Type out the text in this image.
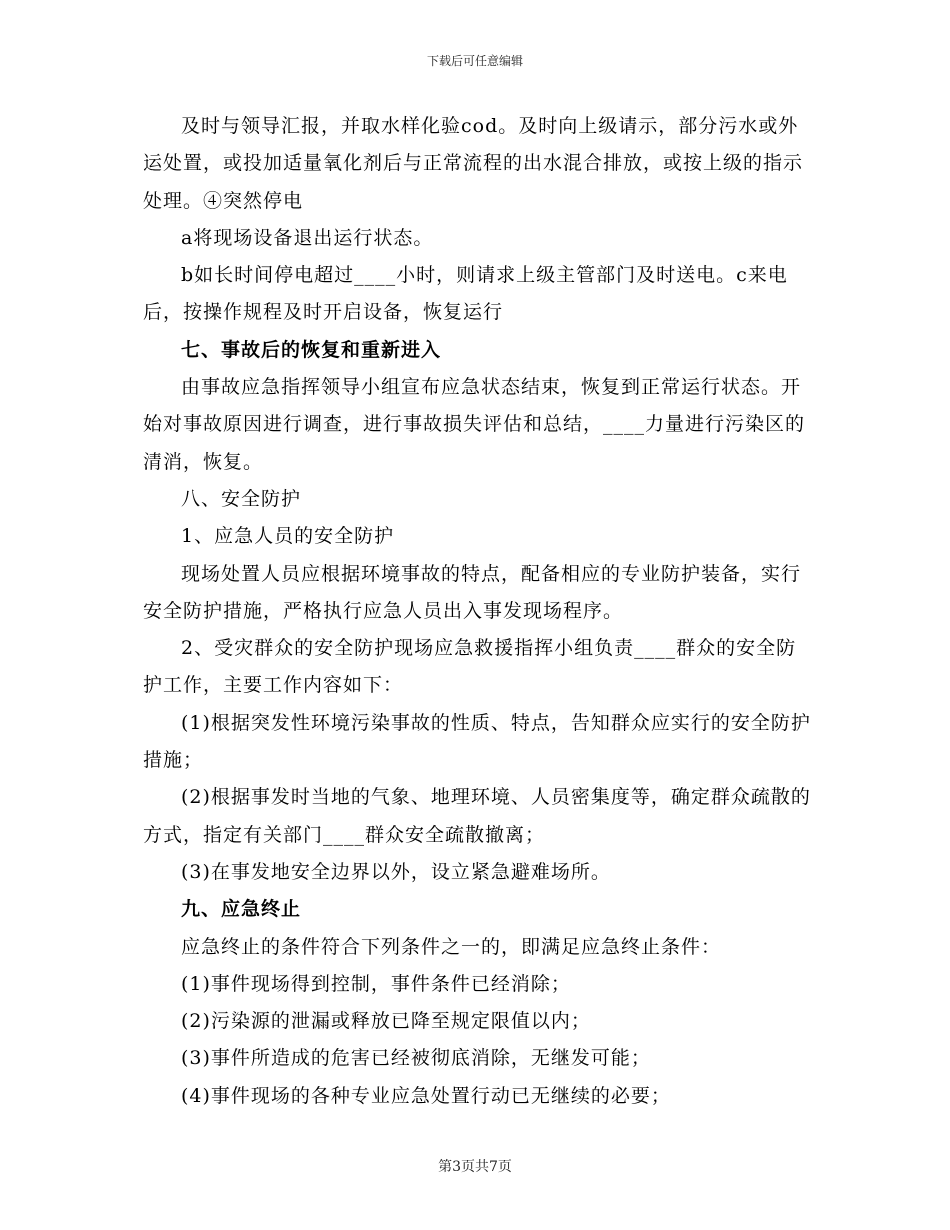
下载后可任意编辑

及时与领导汇报，并取水样化验cod。及时向上级请示，部分污水或外运处置，或投加适量氧化剂后与正常流程的出水混合排放，或按上级的指示处理。④突然停电

a将现场设备退出运行状态。

b如长时间停电超过____小时，则请求上级主管部门及时送电。c来电后，按操作规程及时开启设备，恢复运行

七、事故后的恢复和重新进入

由事故应急指挥领导小组宣布应急状态结束，恢复到正常运行状态。开始对事故原因进行调查，进行事故损失评估和总结，____力量进行污染区的清消，恢复。

八、安全防护

1、应急人员的安全防护

现场处置人员应根据环境事故的特点，配备相应的专业防护装备，实行安全防护措施，严格执行应急人员出入事发现场程序。

2、受灾群众的安全防护现场应急救援指挥小组负责____群众的安全防护工作，主要工作内容如下：

(1)根据突发性环境污染事故的性质、特点，告知群众应实行的安全防护措施；

(2)根据事发时当地的气象、地理环境、人员密集度等，确定群众疏散的方式，指定有关部门____群众安全疏散撤离；

(3)在事发地安全边界以外，设立紧急避难场所。

九、应急终止

应急终止的条件符合下列条件之一的，即满足应急终止条件：

(1)事件现场得到控制，事件条件已经消除；

(2)污染源的泄漏或释放已降至规定限值以内；

(3)事件所造成的危害已经被彻底消除，无继发可能；

(4)事件现场的各种专业应急处置行动已无继续的必要；

第3页共7页
